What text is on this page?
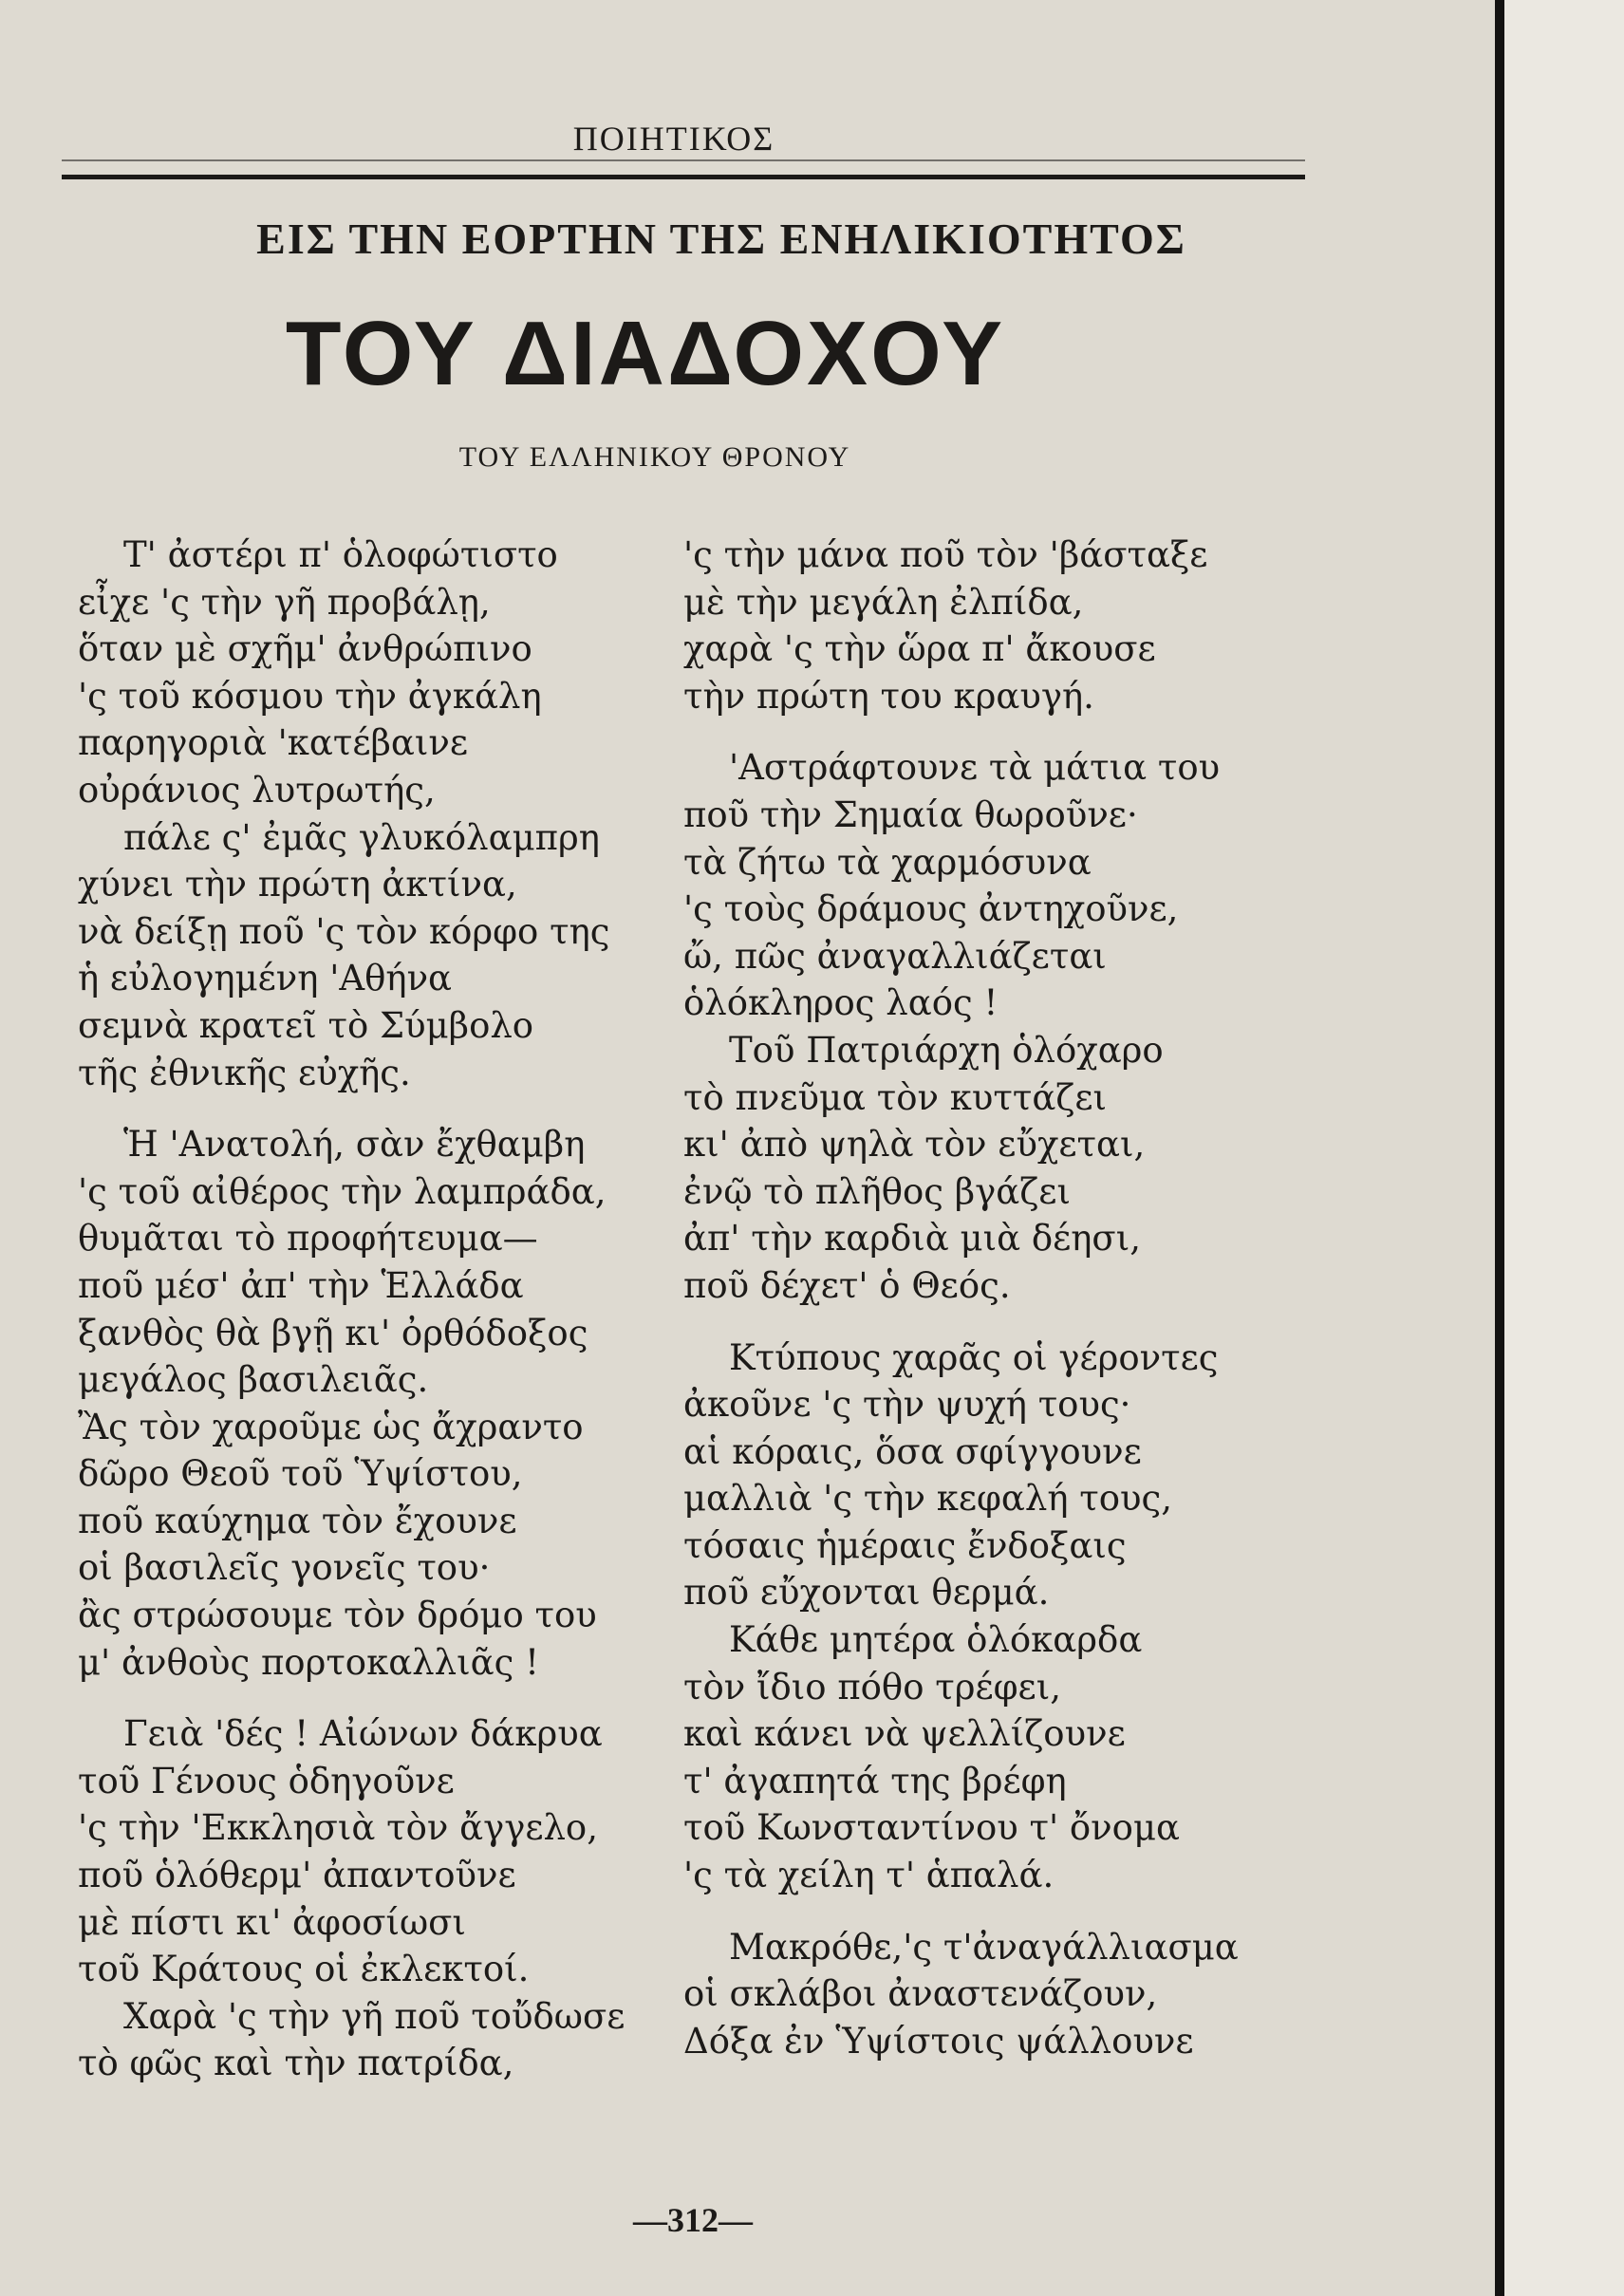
ΠΟΙΗΤΙΚΟΣ
ΕΙΣ ΤΗΝ ΕΟΡΤΗΝ ΤΗΣ ΕΝΗΛΙΚΙΟΤΗΤΟΣ
ΤΟΥ ΔΙΑΔΟΧΟΥ
ΤΟΥ ΕΛΛΗΝΙΚΟΥ ΘΡΟΝΟΥ
Τ' ἀστέρι π' ὁλοφώτιστο
εἶχε 'ς τὴν γῆ προβάλῃ,
ὅταν μὲ σχῆμ' ἀνθρώπινο
'ς τοῦ κόσμου τὴν ἀγκάλη
παρηγοριὰ 'κατέβαινε
οὐράνιος λυτρωτής,
πάλε ς' ἐμᾶς γλυκόλαμπρη
χύνει τὴν πρώτη ἀκτίνα,
νὰ δείξῃ ποῦ 'ς τὸν κόρφο της
ἡ εὐλογημένη 'Αθήνα
σεμνὰ κρατεῖ τὸ Σύμβολο
τῆς ἐθνικῆς εὐχῆς.
Ἡ 'Ανατολή, σὰν ἔχθαμβη
'ς τοῦ αἰθέρος τὴν λαμπράδα,
θυμᾶται τὸ προφήτευμα—
ποῦ μέσ' ἀπ' τὴν Ἑλλάδα
ξανθὸς θὰ βγῇ κι' ὀρθόδοξος
μεγάλος βασιλειᾶς.
Ἂς τὸν χαροῦμε ὡς ἄχραντο
δῶρο Θεοῦ τοῦ Ὑψίστου,
ποῦ καύχημα τὸν ἔχουνε
οἱ βασιλεῖς γονεῖς του·
ἂς στρώσουμε τὸν δρόμο του
μ' ἀνθοὺς πορτοκαλλιᾶς !
Γειὰ 'δές ! Αἰώνων δάκρυα
τοῦ Γένους ὁδηγοῦνε
'ς τὴν 'Εκκλησιὰ τὸν ἄγγελο,
ποῦ ὁλόθερμ' ἀπαντοῦνε
μὲ πίστι κι' ἀφοσίωσι
τοῦ Κράτους οἱ ἐκλεκτοί.
Χαρὰ 'ς τὴν γῆ ποῦ τοὔδωσε
τὸ φῶς καὶ τὴν πατρίδα,
'ς τὴν μάνα ποῦ τὸν 'βάσταξε
μὲ τὴν μεγάλη ἐλπίδα,
χαρὰ 'ς τὴν ὥρα π' ἄκουσε
τὴν πρώτη του κραυγή.
'Αστράφτουνε τὰ μάτια του
ποῦ τὴν Σημαία θωροῦνε·
τὰ ζήτω τὰ χαρμόσυνα
'ς τοὺς δράμους ἀντηχοῦνε,
ὤ, πῶς ἀναγαλλιάζεται
ὁλόκληρος λαός !
Τοῦ Πατριάρχη ὁλόχαρο
τὸ πνεῦμα τὸν κυττάζει
κι' ἀπὸ ψηλὰ τὸν εὔχεται,
ἐνῷ τὸ πλῆθος βγάζει
ἀπ' τὴν καρδιὰ μιὰ δέησι,
ποῦ δέχετ' ὁ Θεός.
Κτύπους χαρᾶς οἱ γέροντες
ἀκοῦνε 'ς τὴν ψυχή τους·
αἱ κόραις, ὅσα σφίγγουνε
μαλλιὰ 'ς τὴν κεφαλή τους,
τόσαις ἡμέραις ἔνδοξαις
ποῦ εὔχονται θερμά.
Κάθε μητέρα ὁλόκαρδα
τὸν ἴδιο πόθο τρέφει,
καὶ κάνει νὰ ψελλίζουνε
τ' ἀγαπητά της βρέφη
τοῦ Κωνσταντίνου τ' ὄνομα
'ς τὰ χείλη τ' ἁπαλά.
Μακρόθε,'ς τ'ἀναγάλλιασμα
οἱ σκλάβοι ἀναστενάζουν,
Δόξα ἐν Ὑψίστοις ψάλλουνε
—312—
